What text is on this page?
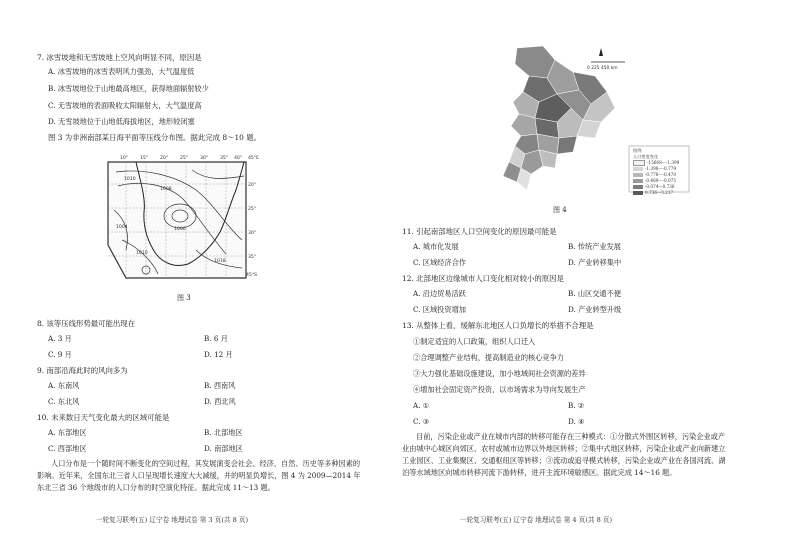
7. 冰雪坡地和无雪坡地上空风向明显不同，原因是
A. 冰雪坡地的冰雪表明风力强劲，大气温度低
B. 冰雪坡地位于山地最高地区，获得地面辐射较少
C. 无雪坡地的表面吸收太阳辐射大，大气温度高
D. 无雪坡地位于山地低海拔地区，地形较闭塞
图 3 为非洲南部某日海平面等压线分布图。据此完成 8～10 题。
10°	15°	20°	25°	30°	35° 40° 45°E
20°
25°
30°
35°
45°S
1010
1008
1006
1004
1010
1018
图 3
8. 该等压线形势最可能出现在
A. 3 月	B. 6 月
C. 9 月	D. 12 月
9. 南部沿海此时的风向多为
A. 东南风	B. 西南风
C. 东北风	D. 西北风
10. 未来数日天气变化最大的区域可能是
A. 东部地区	B. 北部地区
C. 西部地区	D. 南部地区
人口分布是一个随时间不断变化的空间过程，其发展演变会社会、经济、自然、历史等多种因素的影响。近年来，全国东北三省人口呈现增长速度大大减缓，并的明显负增长，图 4 为 2009—2014 年东北三省 36 个地级市的人口分布的时空演化特征。据此完成 11～13 题。
一轮复习联考(五) 辽宁卷 地理试卷 第 3 页(共 8 页)
0 225 450 km
图例
人口密度变化
-15668～-1.399
-1.398～-0.779
-0.778～-0.470
-0.469～-0.075
-0.074～0.736
0.736～3.217
图 4
11. 引起南部地区人口空间变化的原因最可能是
A. 城市化发展	B. 传统产业发展
C. 区域经济合作	D. 产业转移集中
12. 北部地区边缘城市人口变化相对较小的原因是
A. 沿边贸易活跃	B. 山区交通不便
C. 区域投资增加	D. 产业转型升级
13. 从整体上看，缓解东北地区人口负增长的举措不合理是
①制定适宜的人口政策，组织人口迁入
②合理调整产业结构，提高制造业的核心竞争力
③大力强化基础设施建设，加小地域间社会资源的差异
④增加社会固定资产投资，以市场需求为导向发展生产
A. ①	B. ②
C. ③	D. ④
目前，污染企业或产业在城市内部的转移可能存在三种模式：①分散式外围区转移，污染企业或产业由城中心城区向郊区、农村或城市边界以外地区转移；②集中式地区转移，污染企业或产业向新建立工业园区、工业集聚区、交通枢纽区等转移；③流动或追寻模式转移，污染企业或产业在各国河流、湖泊等水域地区向城市转移河流下游转移，进开主流环境敏感区。据此完成 14～16 题。
一轮复习联考(五) 辽宁卷 地理试卷 第 4 页(共 8 页)
